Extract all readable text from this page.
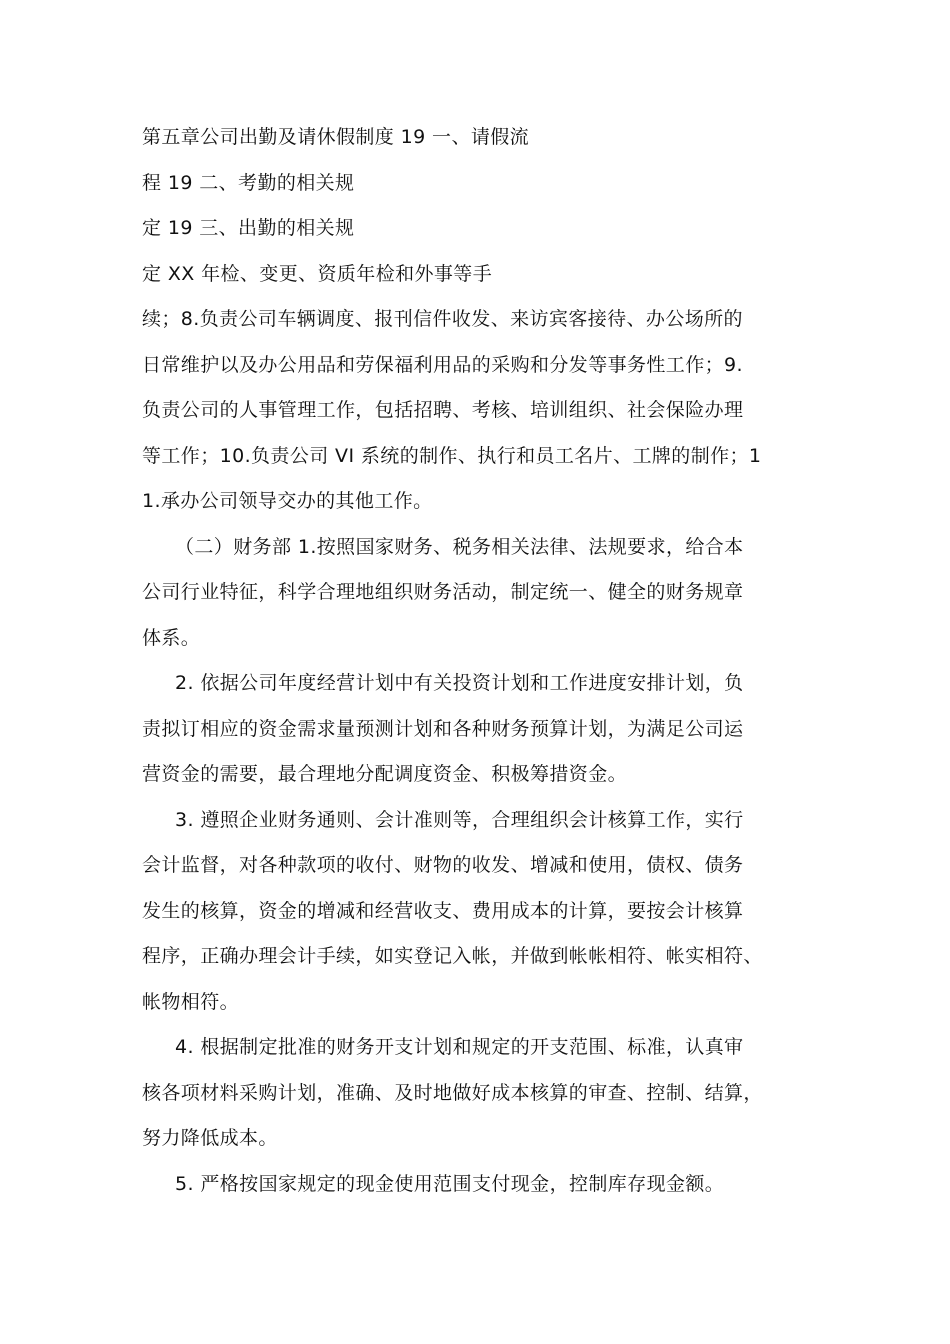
第五章公司出勤及请休假制度 19 一、请假流
程 19 二、考勤的相关规
定 19 三、出勤的相关规
定 XX 年检、变更、资质年检和外事等手
续；8.负责公司车辆调度、报刊信件收发、来访宾客接待、办公场所的
日常维护以及办公用品和劳保福利用品的采购和分发等事务性工作；9.
负责公司的人事管理工作，包括招聘、考核、培训组织、社会保险办理
等工作；10.负责公司 VI 系统的制作、执行和员工名片、工牌的制作；1
1.承办公司领导交办的其他工作。
（二）财务部 1.按照国家财务、税务相关法律、法规要求，给合本
公司行业特征，科学合理地组织财务活动，制定统一、健全的财务规章
体系。
2. 依据公司年度经营计划中有关投资计划和工作进度安排计划，负
责拟订相应的资金需求量预测计划和各种财务预算计划，为满足公司运
营资金的需要，最合理地分配调度资金、积极筹措资金。
3. 遵照企业财务通则、会计准则等，合理组织会计核算工作，实行
会计监督，对各种款项的收付、财物的收发、增减和使用，债权、债务
发生的核算，资金的增减和经营收支、费用成本的计算，要按会计核算
程序，正确办理会计手续，如实登记入帐，并做到帐帐相符、帐实相符、
帐物相符。
4. 根据制定批准的财务开支计划和规定的开支范围、标准，认真审
核各项材料采购计划，准确、及时地做好成本核算的审查、控制、结算，
努力降低成本。
5. 严格按国家规定的现金使用范围支付现金，控制库存现金额。
